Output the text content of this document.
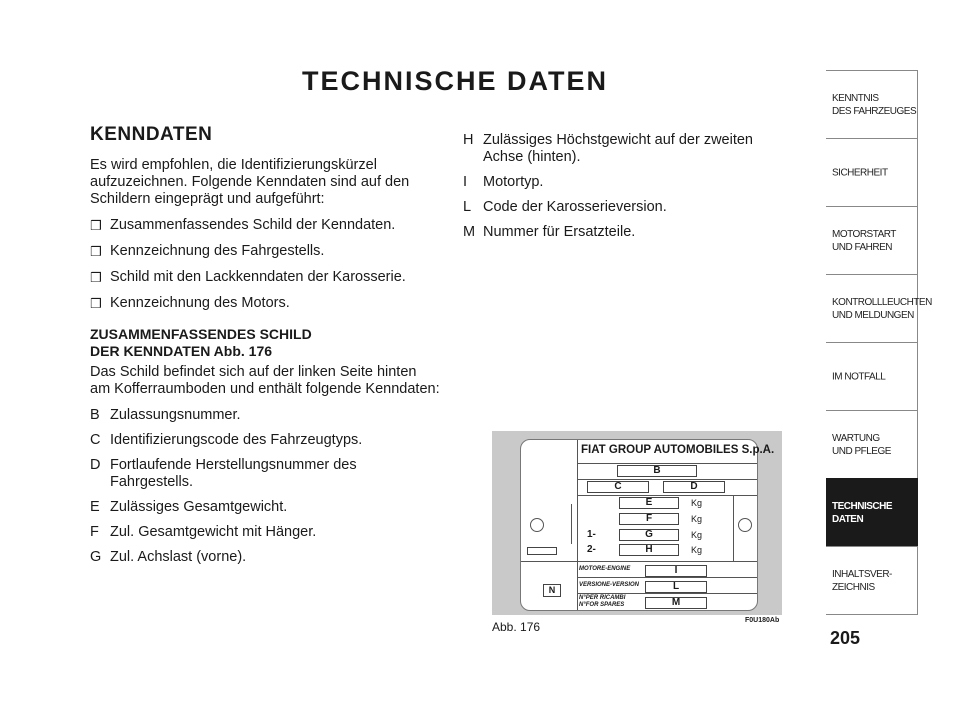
TECHNISCHE DATEN
KENNDATEN

Es wird empfohlen, die Identifizierungskürzel aufzuzeichnen. Folgende Kenndaten sind auf den Schildern eingeprägt und aufgeführt:

❒ Zusammenfassendes Schild der Kenndaten.
❒ Kennzeichnung des Fahrgestells.
❒ Schild mit den Lackkenndaten der Karosserie.
❒ Kennzeichnung des Motors.
ZUSAMMENFASSENDES SCHILD
DER KENNDATEN Abb. 176

Das Schild befindet sich auf der linken Seite hinten am Kofferraumboden und enthält folgende Kenndaten:

B Zulassungsnummer.
C Identifizierungscode des Fahrzeugtyps.
D Fortlaufende Herstellungsnummer des Fahrgestells.
E Zulässiges Gesamtgewicht.
F Zul. Gesamtgewicht mit Hänger.
G Zul. Achslast (vorne).
H Zulässiges Höchstgewicht auf der zweiten Achse (hinten).
I	Motortyp.
L Code der Karosserieversion.
M Nummer für Ersatzteile.
FIAT GROUP AUTOMOBILES S.p.A.
B
C	D
E	Kg
F	Kg
1-	G	Kg
2-	H	Kg
MOTORE-ENGINE	I
VERSIONE-VERSION	L
N°PER RICAMBI
N°FOR SPARES	M
N
F0U180Ab
Abb. 176
KENNTNIS
DES FAHRZEUGES
SICHERHEIT
MOTORSTART
UND FAHREN
KONTROLLLEUCHTEN
UND MELDUNGEN
IM NOTFALL
WARTUNG
UND PFLEGE
TECHNISCHE
DATEN
INHALTSVER-
ZEICHNIS
205
